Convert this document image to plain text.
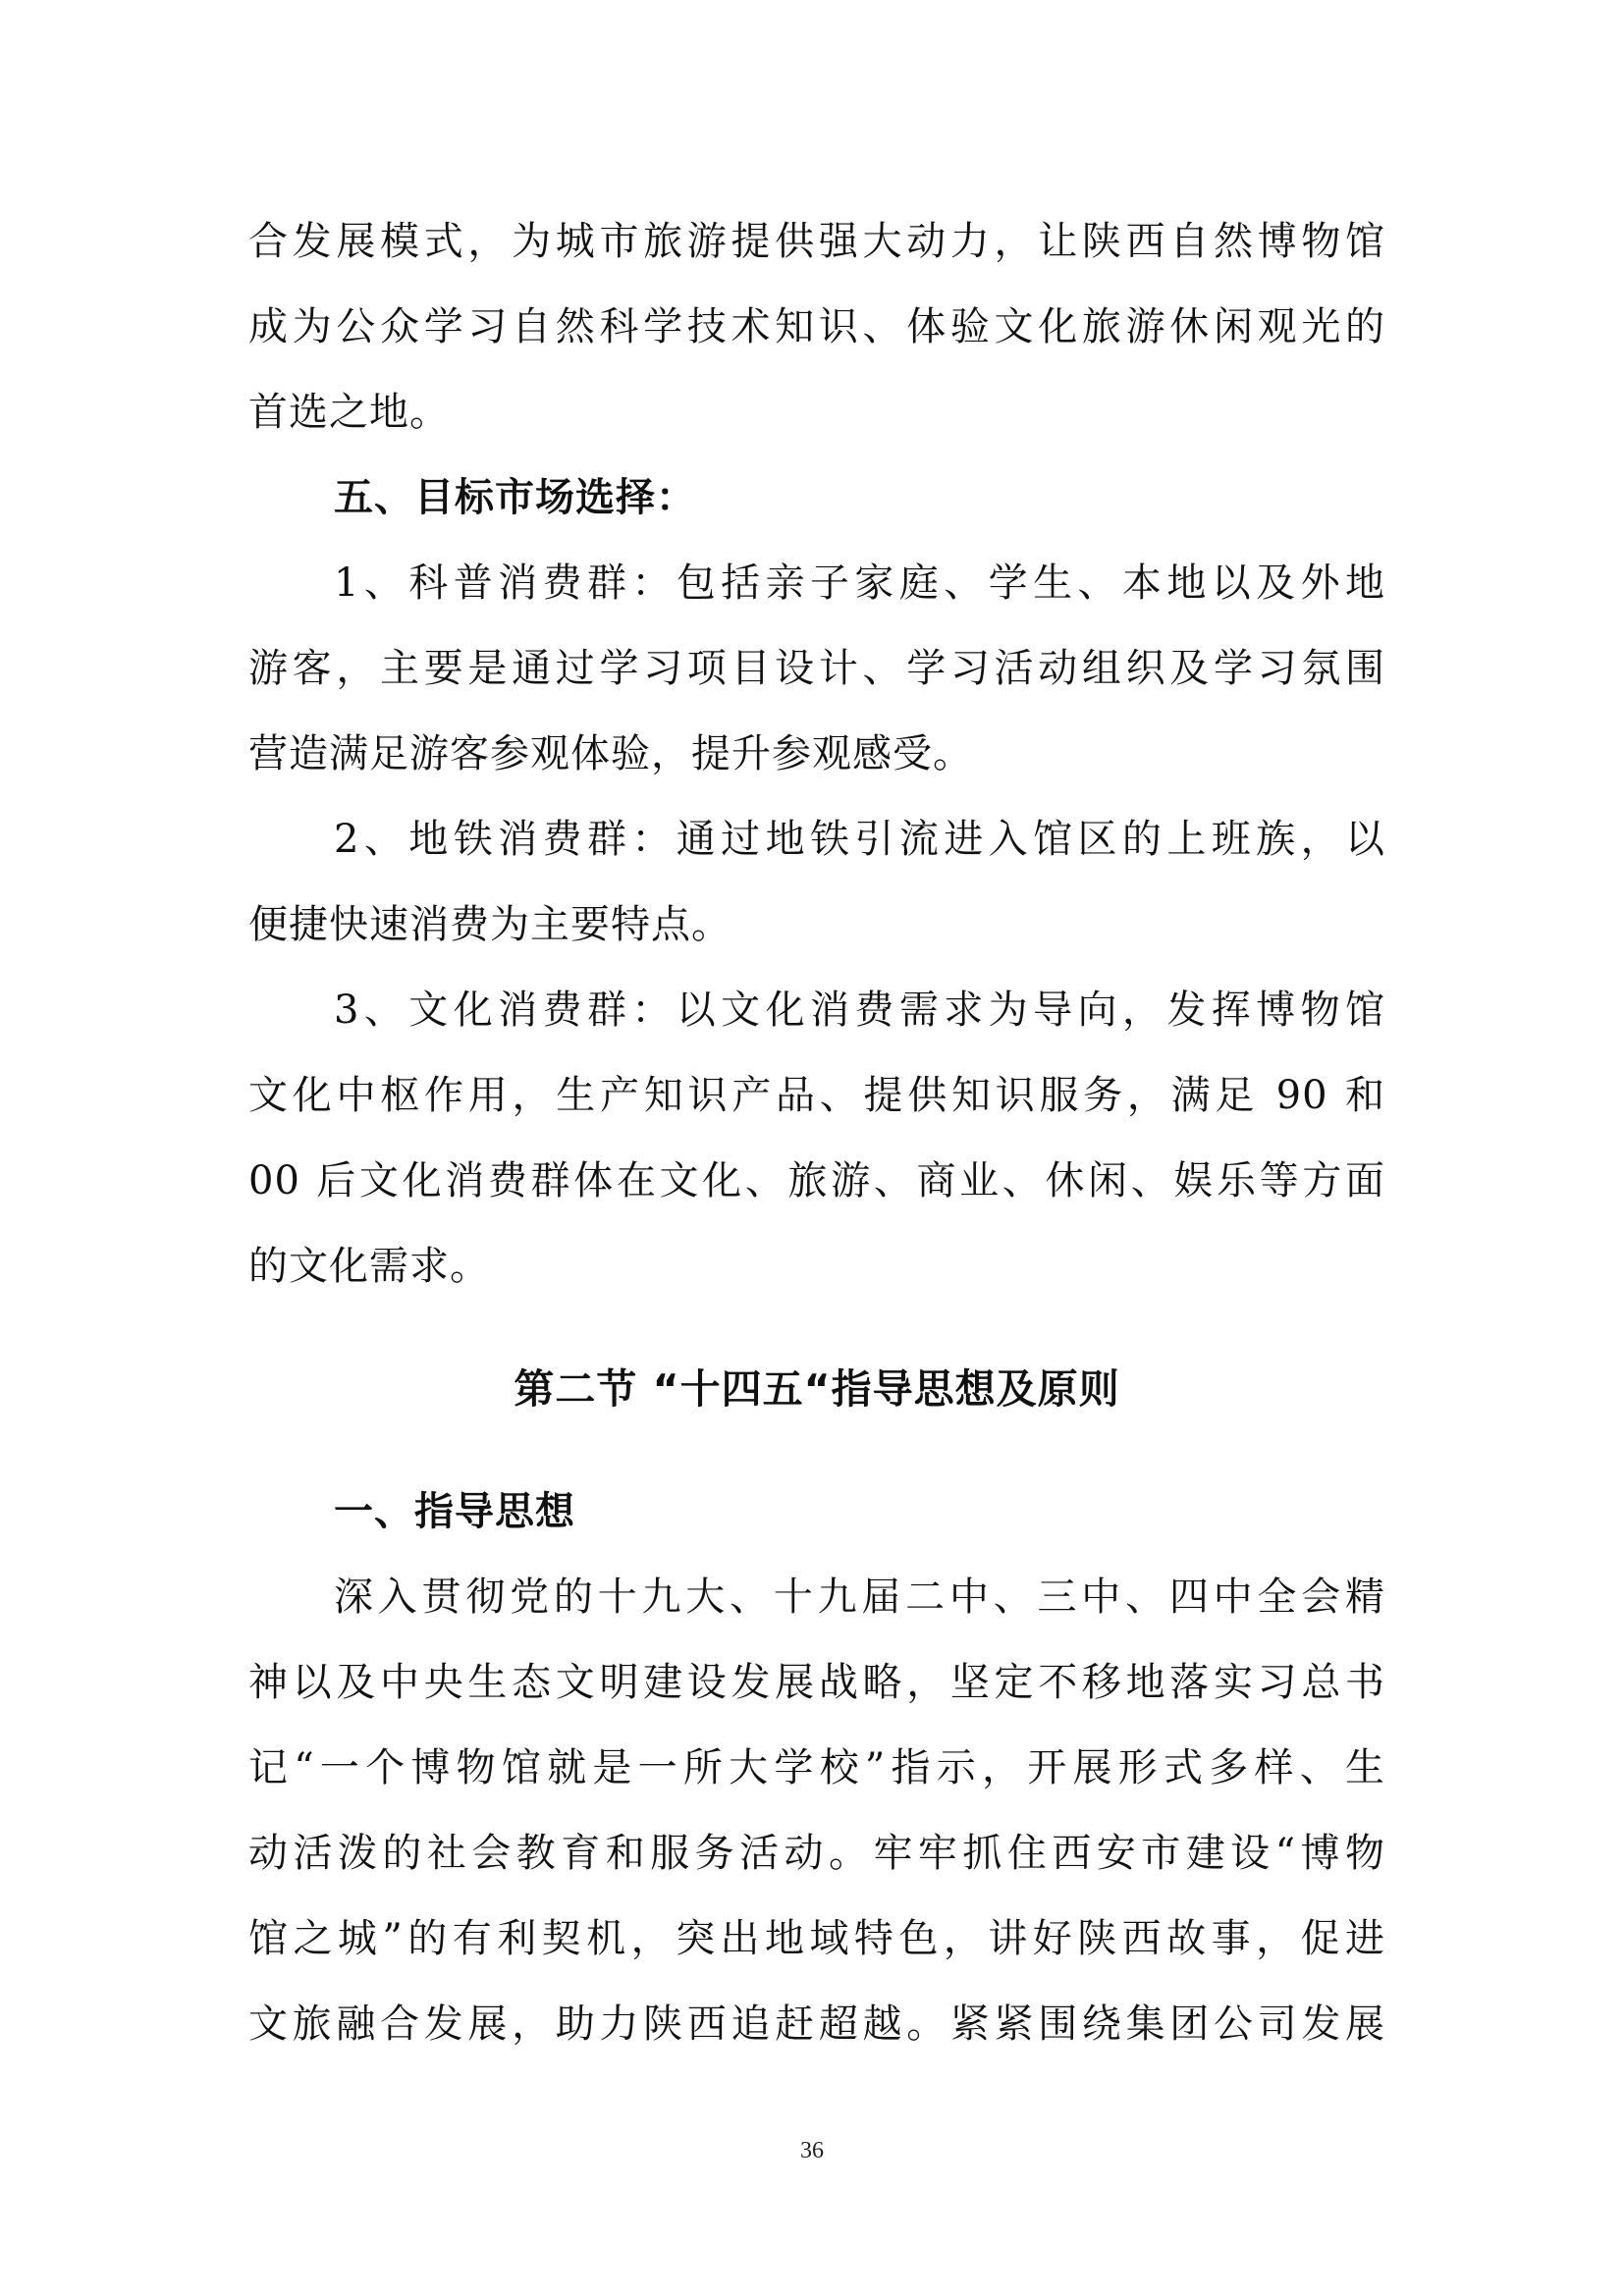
合发展模式，为城市旅游提供强大动力，让陕西自然博物馆
成为公众学习自然科学技术知识、体验文化旅游休闲观光的
首选之地。
五、目标市场选择：
1、科普消费群：包括亲子家庭、学生、本地以及外地
游客，主要是通过学习项目设计、学习活动组织及学习氛围
营造满足游客参观体验，提升参观感受。
2、地铁消费群：通过地铁引流进入馆区的上班族，以
便捷快速消费为主要特点。
3、文化消费群：以文化消费需求为导向，发挥博物馆
文化中枢作用，生产知识产品、提供知识服务，满足 90 和
00 后文化消费群体在文化、旅游、商业、休闲、娱乐等方面
的文化需求。
第二节 “十四五“指导思想及原则
一、指导思想
深入贯彻党的十九大、十九届二中、三中、四中全会精
神以及中央生态文明建设发展战略，坚定不移地落实习总书
记“一个博物馆就是一所大学校”指示，开展形式多样、生
动活泼的社会教育和服务活动。牢牢抓住西安市建设“博物
馆之城”的有利契机，突出地域特色，讲好陕西故事，促进
文旅融合发展，助力陕西追赶超越。紧紧围绕集团公司发展
36
